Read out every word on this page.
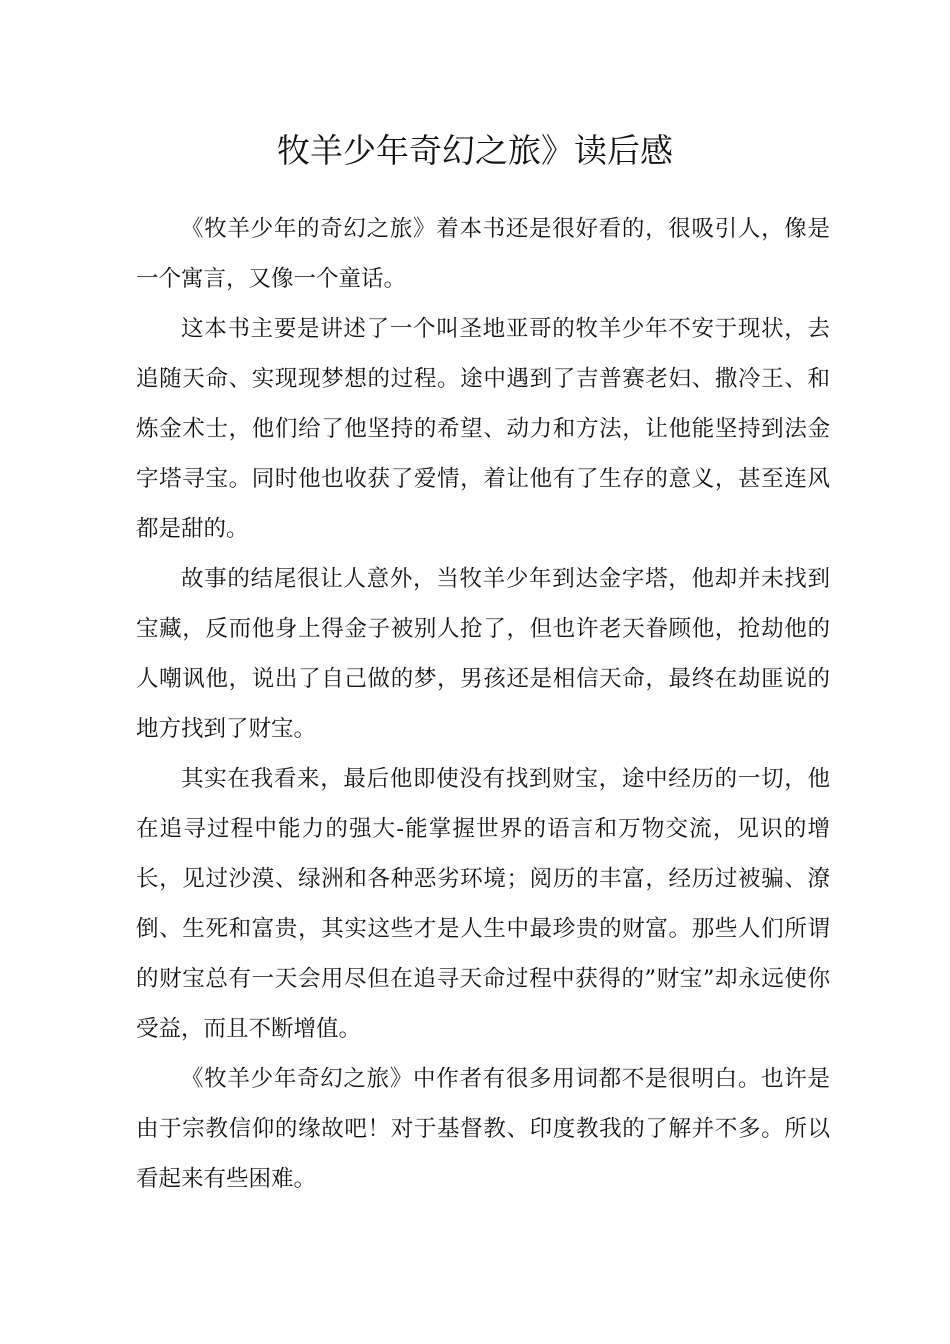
牧羊少年奇幻之旅》读后感

《牧羊少年的奇幻之旅》着本书还是很好看的，很吸引人，像是一个寓言，又像一个童话。

这本书主要是讲述了一个叫圣地亚哥的牧羊少年不安于现状，去追随天命、实现现梦想的过程。途中遇到了吉普赛老妇、撒冷王、和炼金术士，他们给了他坚持的希望、动力和方法，让他能坚持到法金字塔寻宝。同时他也收获了爱情，着让他有了生存的意义，甚至连风都是甜的。

故事的结尾很让人意外，当牧羊少年到达金字塔，他却并未找到宝藏，反而他身上得金子被别人抢了，但也许老天眷顾他，抢劫他的人嘲讽他，说出了自己做的梦，男孩还是相信天命，最终在劫匪说的地方找到了财宝。

其实在我看来，最后他即使没有找到财宝，途中经历的一切，他在追寻过程中能力的强大-能掌握世界的语言和万物交流，见识的增长，见过沙漠、绿洲和各种恶劣环境；阅历的丰富，经历过被骗、潦倒、生死和富贵，其实这些才是人生中最珍贵的财富。那些人们所谓的财宝总有一天会用尽但在追寻天命过程中获得的”财宝”却永远使你受益，而且不断增值。

《牧羊少年奇幻之旅》中作者有很多用词都不是很明白。也许是由于宗教信仰的缘故吧！对于基督教、印度教我的了解并不多。所以看起来有些困难。
